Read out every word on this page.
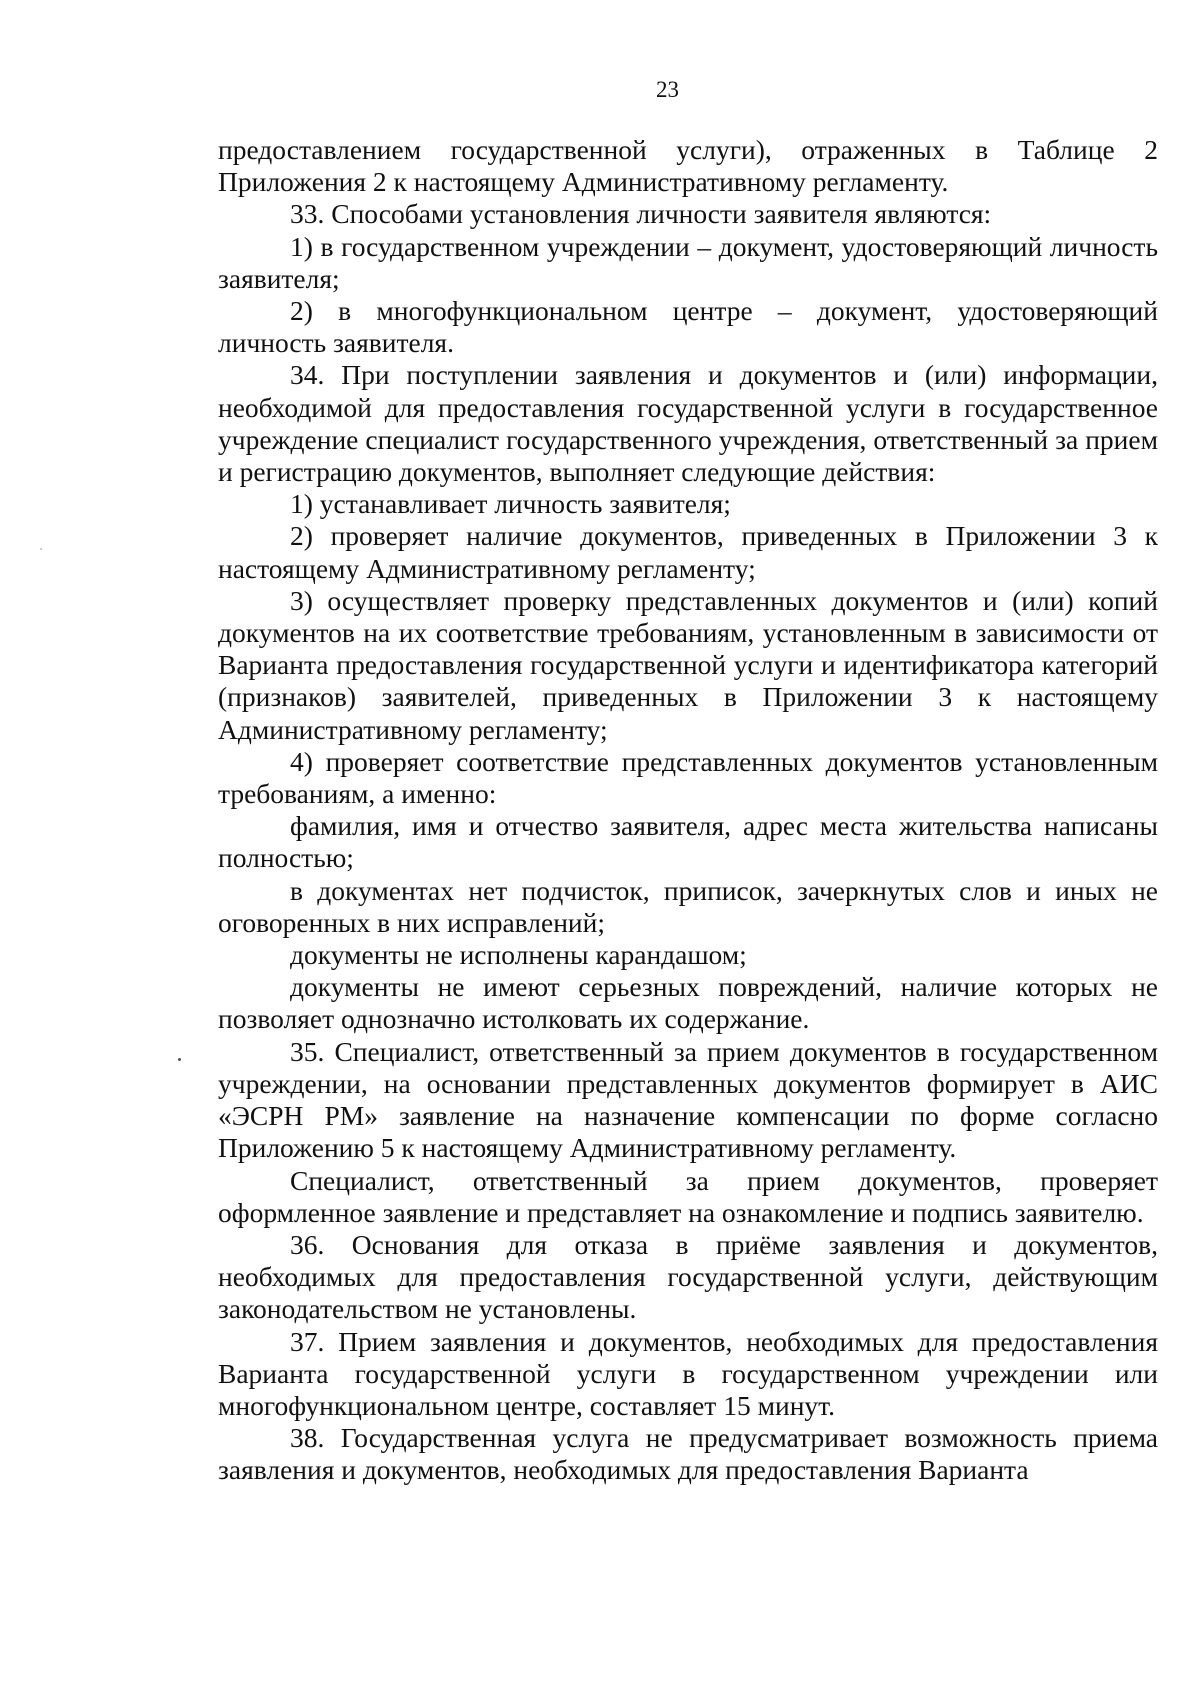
23

предоставлением государственной услуги), отраженных в Таблице 2 Приложения 2 к настоящему Административному регламенту.

33. Способами установления личности заявителя являются:

1) в государственном учреждении – документ, удостоверяющий личность заявителя;

2) в многофункциональном центре – документ, удостоверяющий личность заявителя.

34. При поступлении заявления и документов и (или) информации, необходимой для предоставления государственной услуги в государственное учреждение специалист государственного учреждения, ответственный за прием и регистрацию документов, выполняет следующие действия:

1) устанавливает личность заявителя;

2) проверяет наличие документов, приведенных в Приложении 3 к настоящему Административному регламенту;

3) осуществляет проверку представленных документов и (или) копий документов на их соответствие требованиям, установленным в зависимости от Варианта предоставления государственной услуги и идентификатора категорий (признаков) заявителей, приведенных в Приложении 3 к настоящему Административному регламенту;

4) проверяет соответствие представленных документов установленным требованиям, а именно:

фамилия, имя и отчество заявителя, адрес места жительства написаны полностью;

в документах нет подчисток, приписок, зачеркнутых слов и иных не оговоренных в них исправлений;

документы не исполнены карандашом;

документы не имеют серьезных повреждений, наличие которых не позволяет однозначно истолковать их содержание.

35. Специалист, ответственный за прием документов в государственном учреждении, на основании представленных документов формирует в АИС «ЭСРН РМ» заявление на назначение компенсации по форме согласно Приложению 5 к настоящему Административному регламенту.

Специалист, ответственный за прием документов, проверяет оформленное заявление и представляет на ознакомление и подпись заявителю.

36. Основания для отказа в приёме заявления и документов, необходимых для предоставления государственной услуги, действующим законодательством не установлены.

37. Прием заявления и документов, необходимых для предоставления Варианта государственной услуги в государственном учреждении или многофункциональном центре, составляет 15 минут.

38. Государственная услуга не предусматривает возможность приема заявления и документов, необходимых для предоставления Варианта
